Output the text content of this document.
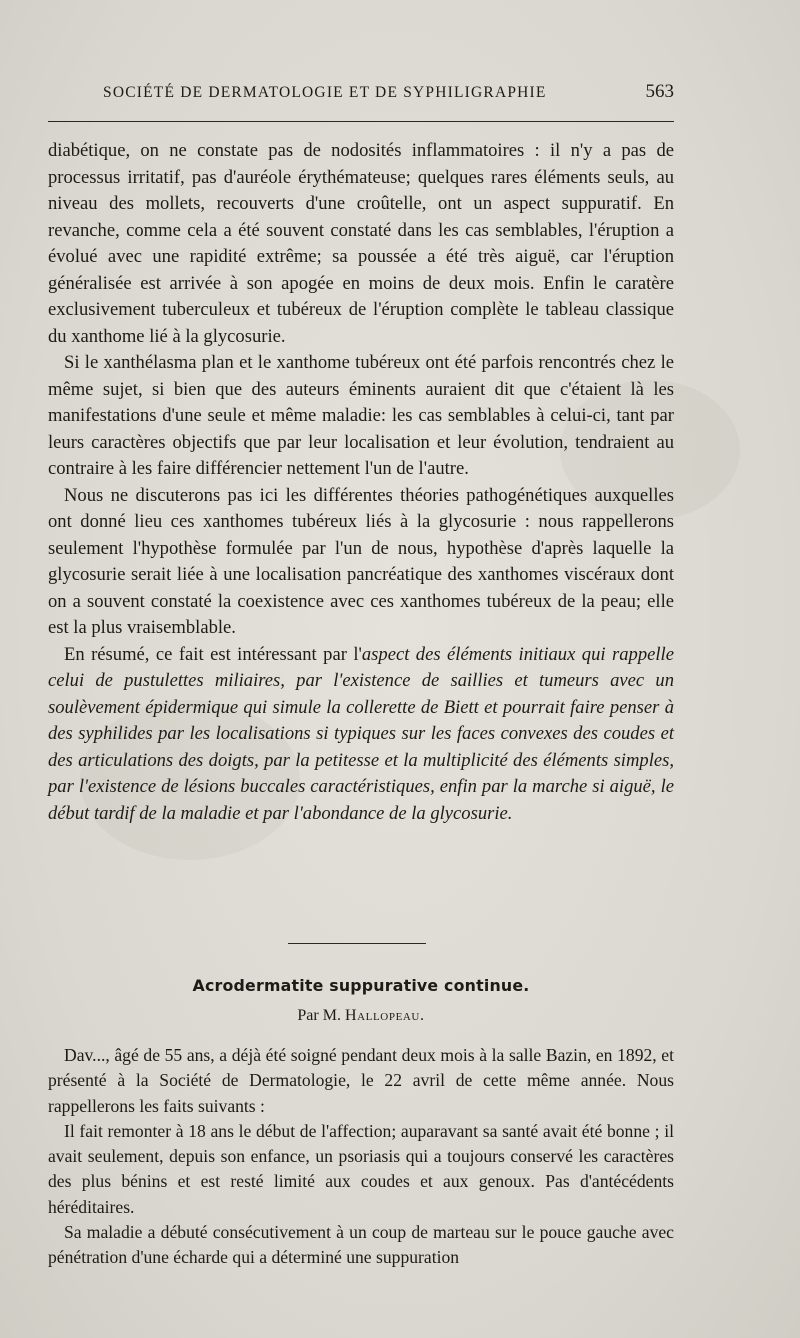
SOCIÉTÉ DE DERMATOLOGIE ET DE SYPHILIGRAPHIE	563

diabétique, on ne constate pas de nodosités inflammatoires : il n'y a pas de processus irritatif, pas d'auréole érythémateuse; quelques rares éléments seuls, au niveau des mollets, recouverts d'une croûtelle, ont un aspect suppuratif. En revanche, comme cela a été souvent constaté dans les cas semblables, l'éruption a évolué avec une rapidité extrême; sa poussée a été très aiguë, car l'éruption généralisée est arrivée à son apogée en moins de deux mois. Enfin le caratère exclusivement tuberculeux et tubéreux de l'éruption complète le tableau classique du xanthome lié à la glycosurie.

Si le xanthélasma plan et le xanthome tubéreux ont été parfois rencontrés chez le même sujet, si bien que des auteurs éminents auraient dit que c'étaient là les manifestations d'une seule et même maladie: les cas semblables à celui-ci, tant par leurs caractères objectifs que par leur localisation et leur évolution, tendraient au contraire à les faire différencier nettement l'un de l'autre.

Nous ne discuterons pas ici les différentes théories pathogénétiques auxquelles ont donné lieu ces xanthomes tubéreux liés à la glycosurie : nous rappellerons seulement l'hypothèse formulée par l'un de nous, hypothèse d'après laquelle la glycosurie serait liée à une localisation pancréatique des xanthomes viscéraux dont on a souvent constaté la coexistence avec ces xanthomes tubéreux de la peau; elle est la plus vraisemblable.

En résumé, ce fait est intéressant par l'aspect des éléments initiaux qui rappelle celui de pustulettes miliaires, par l'existence de saillies et tumeurs avec un soulèvement épidermique qui simule la collerette de Biett et pourrait faire penser à des syphilides par les localisations si typiques sur les faces convexes des coudes et des articulations des doigts, par la petitesse et la multiplicité des éléments simples, par l'existence de lésions buccales caractéristiques, enfin par la marche si aiguë, le début tardif de la maladie et par l'abondance de la glycosurie.

Acrodermatite suppurative continue.

Par M. Hallopeau.

Dav..., âgé de 55 ans, a déjà été soigné pendant deux mois à la salle Bazin, en 1892, et présenté à la Société de Dermatologie, le 22 avril de cette même année. Nous rappellerons les faits suivants :

Il fait remonter à 18 ans le début de l'affection; auparavant sa santé avait été bonne ; il avait seulement, depuis son enfance, un psoriasis qui a toujours conservé les caractères des plus bénins et est resté limité aux coudes et aux genoux. Pas d'antécédents héréditaires.

Sa maladie a débuté consécutivement à un coup de marteau sur le pouce gauche avec pénétration d'une écharde qui a déterminé une suppuration
